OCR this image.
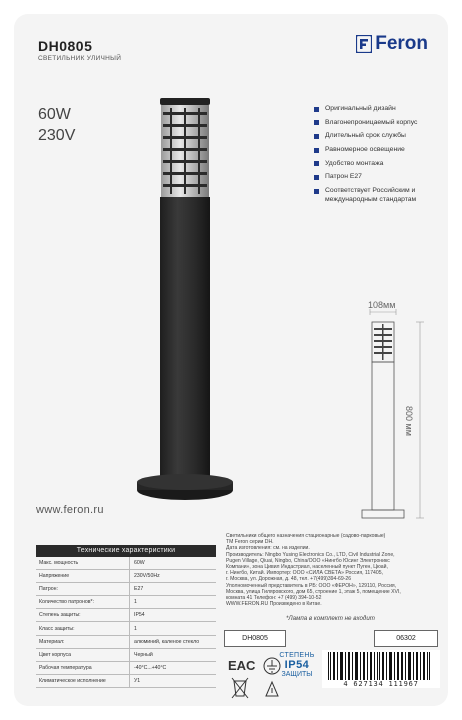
DH0805
СВЕТИЛЬНИК УЛИЧНЫЙ
Feron
60W
230V
Оригинальный дизайн
Влагонепроницаемый корпус
Длительный срок службы
Равномерное освещение
Удобство монтажа
Патрон E27
Соответствует Российским и международным стандартам
108мм
800 мм
www.feron.ru
Технические характеристики
Макс. мощность	60W
Напряжение	230V/50Hz
Патрон:	E27
Количество патронов*:	1
Степень защиты:	IP54
Класс защиты:	1
Материал:	алюминий, каленое стекло
Цвет корпуса	Черный
Рабочая температура	-40°C...+40°C
Климатическое исполнение	У1

Светильники общего назначения стационарные (садово-парковые)

TM Feron серии DH.

Дата изготовления: см. на изделии.

Производитель: Ningbo Yusing Electronics Co., LTD, Civil Industrial Zone,

Pugen Village, Qiuai, Ningbo, China/ООО «Нингбо Юсинг Электроникс

Компани», зона Цивил Индастриал, населенный пункт Пуген, Цюай,

г. Нингбо, Китай. Импортер: ООО «СИЛА СВЕТА» Россия, 117405,

г. Москва, ул. Дорожная, д. 48, тел. +7(499)394-69-26

Уполномоченный представитель в РБ: ООО «ФЕРОН», 129110, Россия,

Москва, улица Гиляровского, дом 65, строение 1, этаж 5, помещение XVI,

комната 41 Телефон: +7 (499) 394-10-52

WWW.FERON.RU Произведено в Китае.

*Лампа в комплект не входит
DH0805	06302
EAC
СТЕПЕНЬ
IP54
ЗАЩИТЫ
4 627134 111967
